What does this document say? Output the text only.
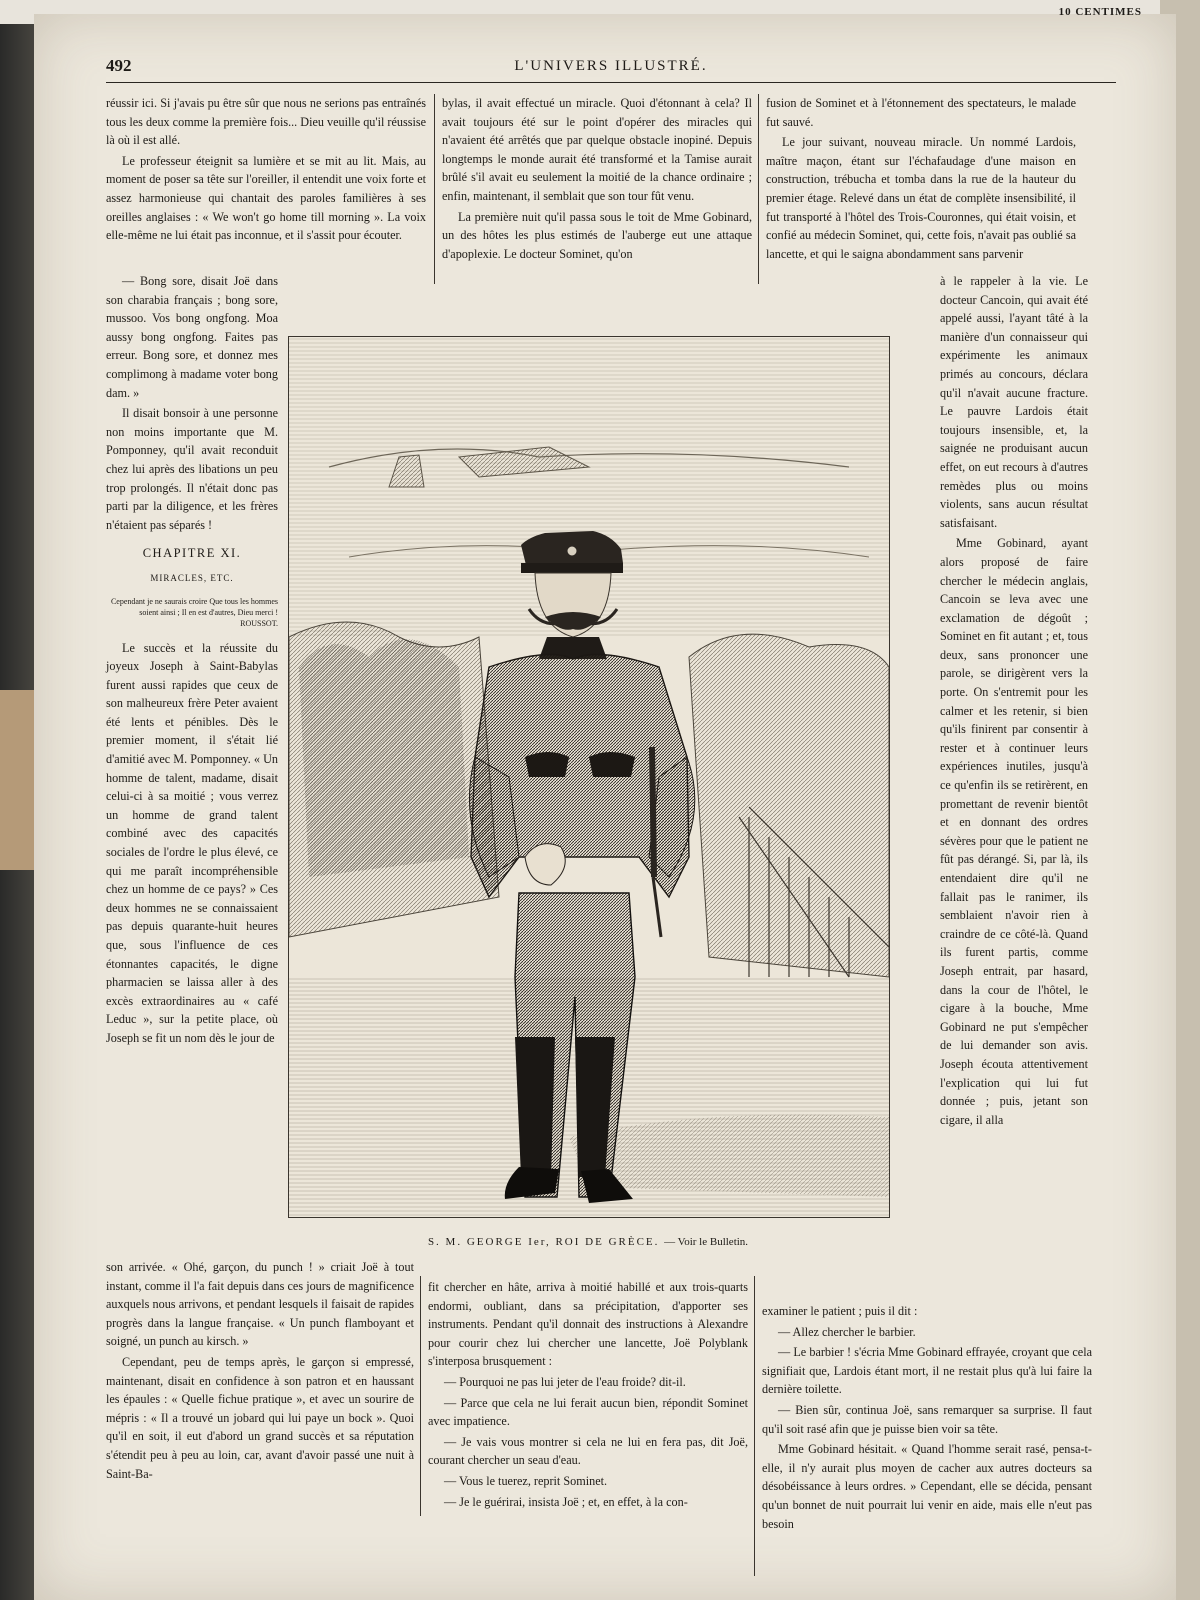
10 CENTIMES
492	L'UNIVERS ILLUSTRÉ.

réussir ici. Si j'avais pu être sûr que nous ne serions pas entraînés tous les deux comme la première fois... Dieu veuille qu'il réussise là où il est allé.

Le professeur éteignit sa lumière et se mit au lit. Mais, au moment de poser sa tête sur l'oreiller, il entendit une voix forte et assez harmonieuse qui chantait des paroles familières à ses oreilles anglaises : « We won't go home till morning ». La voix elle-même ne lui était pas inconnue, et il s'assit pour écouter.

— Bong sore, disait Joë dans son charabia français ; bong sore, mussoo. Vos bong ongfong. Moa aussy bong ongfong. Faites pas erreur. Bong sore, et donnez mes complimong à madame voter bong dam. »

Il disait bonsoir à une personne non moins importante que M. Pomponney, qu'il avait reconduit chez lui après des libations un peu trop prolongés. Il n'était donc pas parti par la diligence, et les frères n'étaient pas séparés !

CHAPITRE XI.
MIRACLES, ETC.
Cependant je ne saurais croire Que tous les hommes soient ainsi ; Il en est d'autres, Dieu merci ! ROUSSOT.

Le succès et la réussite du joyeux Joseph à Saint-Babylas furent aussi rapides que ceux de son malheureux frère Peter avaient été lents et pénibles. Dès le premier moment, il s'était lié d'amitié avec M. Pomponney. « Un homme de talent, madame, disait celui-ci à sa moitié ; vous verrez un homme de grand talent combiné avec des capacités sociales de l'ordre le plus élevé, ce qui me paraît incompréhensible chez un homme de ce pays? » Ces deux hommes ne se connaissaient pas depuis quarante-huit heures que, sous l'influence de ces étonnantes capacités, le digne pharmacien se laissa aller à des excès extraordinaires au « café Leduc », sur la petite place, où Joseph se fit un nom dès le jour de

bylas, il avait effectué un miracle. Quoi d'étonnant à cela? Il avait toujours été sur le point d'opérer des miracles qui n'avaient été arrêtés que par quelque obstacle inopiné. Depuis longtemps le monde aurait été transformé et la Tamise aurait brûlé s'il avait eu seulement la moitié de la chance ordinaire ; enfin, maintenant, il semblait que son tour fût venu.

La première nuit qu'il passa sous le toit de Mme Gobinard, un des hôtes les plus estimés de l'auberge eut une attaque d'apoplexie. Le docteur Sominet, qu'on

fusion de Sominet et à l'étonnement des spectateurs, le malade fut sauvé.

Le jour suivant, nouveau miracle. Un nommé Lardois, maître maçon, étant sur l'échafaudage d'une maison en construction, trébucha et tomba dans la rue de la hauteur du premier étage. Relevé dans un état de complète insensibilité, il fut transporté à l'hôtel des Trois-Couronnes, qui était voisin, et confié au médecin Sominet, qui, cette fois, n'avait pas oublié sa lancette, et qui le saigna abondamment sans parvenir

à le rappeler à la vie. Le docteur Cancoin, qui avait été appelé aussi, l'ayant tâté à la manière d'un connaisseur qui expérimente les animaux primés au concours, déclara qu'il n'avait aucune fracture. Le pauvre Lardois était toujours insensible, et, la saignée ne produisant aucun effet, on eut recours à d'autres remèdes plus ou moins violents, sans aucun résultat satisfaisant.

Mme Gobinard, ayant alors proposé de faire chercher le médecin anglais, Cancoin se leva avec une exclamation de dégoût ; Sominet en fit autant ; et, tous deux, sans prononcer une parole, se dirigèrent vers la porte. On s'entremit pour les calmer et les retenir, si bien qu'ils finirent par consentir à rester et à continuer leurs expériences inutiles, jusqu'à ce qu'enfin ils se retirèrent, en promettant de revenir bientôt et en donnant des ordres sévères pour que le patient ne fût pas dérangé. Si, par là, ils entendaient dire qu'il ne fallait pas le ranimer, ils semblaient n'avoir rien à craindre de ce côté-là. Quand ils furent partis, comme Joseph entrait, par hasard, dans la cour de l'hôtel, le cigare à la bouche, Mme Gobinard ne put s'empêcher de lui demander son avis. Joseph écouta attentivement l'explication qui lui fut donnée ; puis, jetant son cigare, il alla

S. M. GEORGE Ier, ROI DE GRÈCE. — Voir le Bulletin.

son arrivée. « Ohé, garçon, du punch ! » criait Joë à tout instant, comme il l'a fait depuis dans ces jours de magnificence auxquels nous arrivons, et pendant lesquels il faisait de rapides progrès dans la langue française. « Un punch flamboyant et soigné, un punch au kirsch. »

Cependant, peu de temps après, le garçon si empressé, maintenant, disait en confidence à son patron et en haussant les épaules : « Quelle fichue pratique », et avec un sourire de mépris : « Il a trouvé un jobard qui lui paye un bock ». Quoi qu'il en soit, il eut d'abord un grand succès et sa réputation s'étendit peu à peu au loin, car, avant d'avoir passé une nuit à Saint-Ba-

fit chercher en hâte, arriva à moitié habillé et aux trois-quarts endormi, oubliant, dans sa précipitation, d'apporter ses instruments. Pendant qu'il donnait des instructions à Alexandre pour courir chez lui chercher une lancette, Joë Polyblank s'interposa brusquement :

— Pourquoi ne pas lui jeter de l'eau froide? dit-il.

— Parce que cela ne lui ferait aucun bien, répondit Sominet avec impatience.

— Je vais vous montrer si cela ne lui en fera pas, dit Joë, courant chercher un seau d'eau.

— Vous le tuerez, reprit Sominet.

— Je le guérirai, insista Joë ; et, en effet, à la con-

examiner le patient ; puis il dit :

— Allez chercher le barbier.

— Le barbier ! s'écria Mme Gobinard effrayée, croyant que cela signifiait que, Lardois étant mort, il ne restait plus qu'à lui faire la dernière toilette.

— Bien sûr, continua Joë, sans remarquer sa surprise. Il faut qu'il soit rasé afin que je puisse bien voir sa tête.

Mme Gobinard hésitait. « Quand l'homme serait rasé, pensa-t-elle, il n'y aurait plus moyen de cacher aux autres docteurs sa désobéissance à leurs ordres. » Cependant, elle se décida, pensant qu'un bonnet de nuit pourrait lui venir en aide, mais elle n'eut pas besoin
